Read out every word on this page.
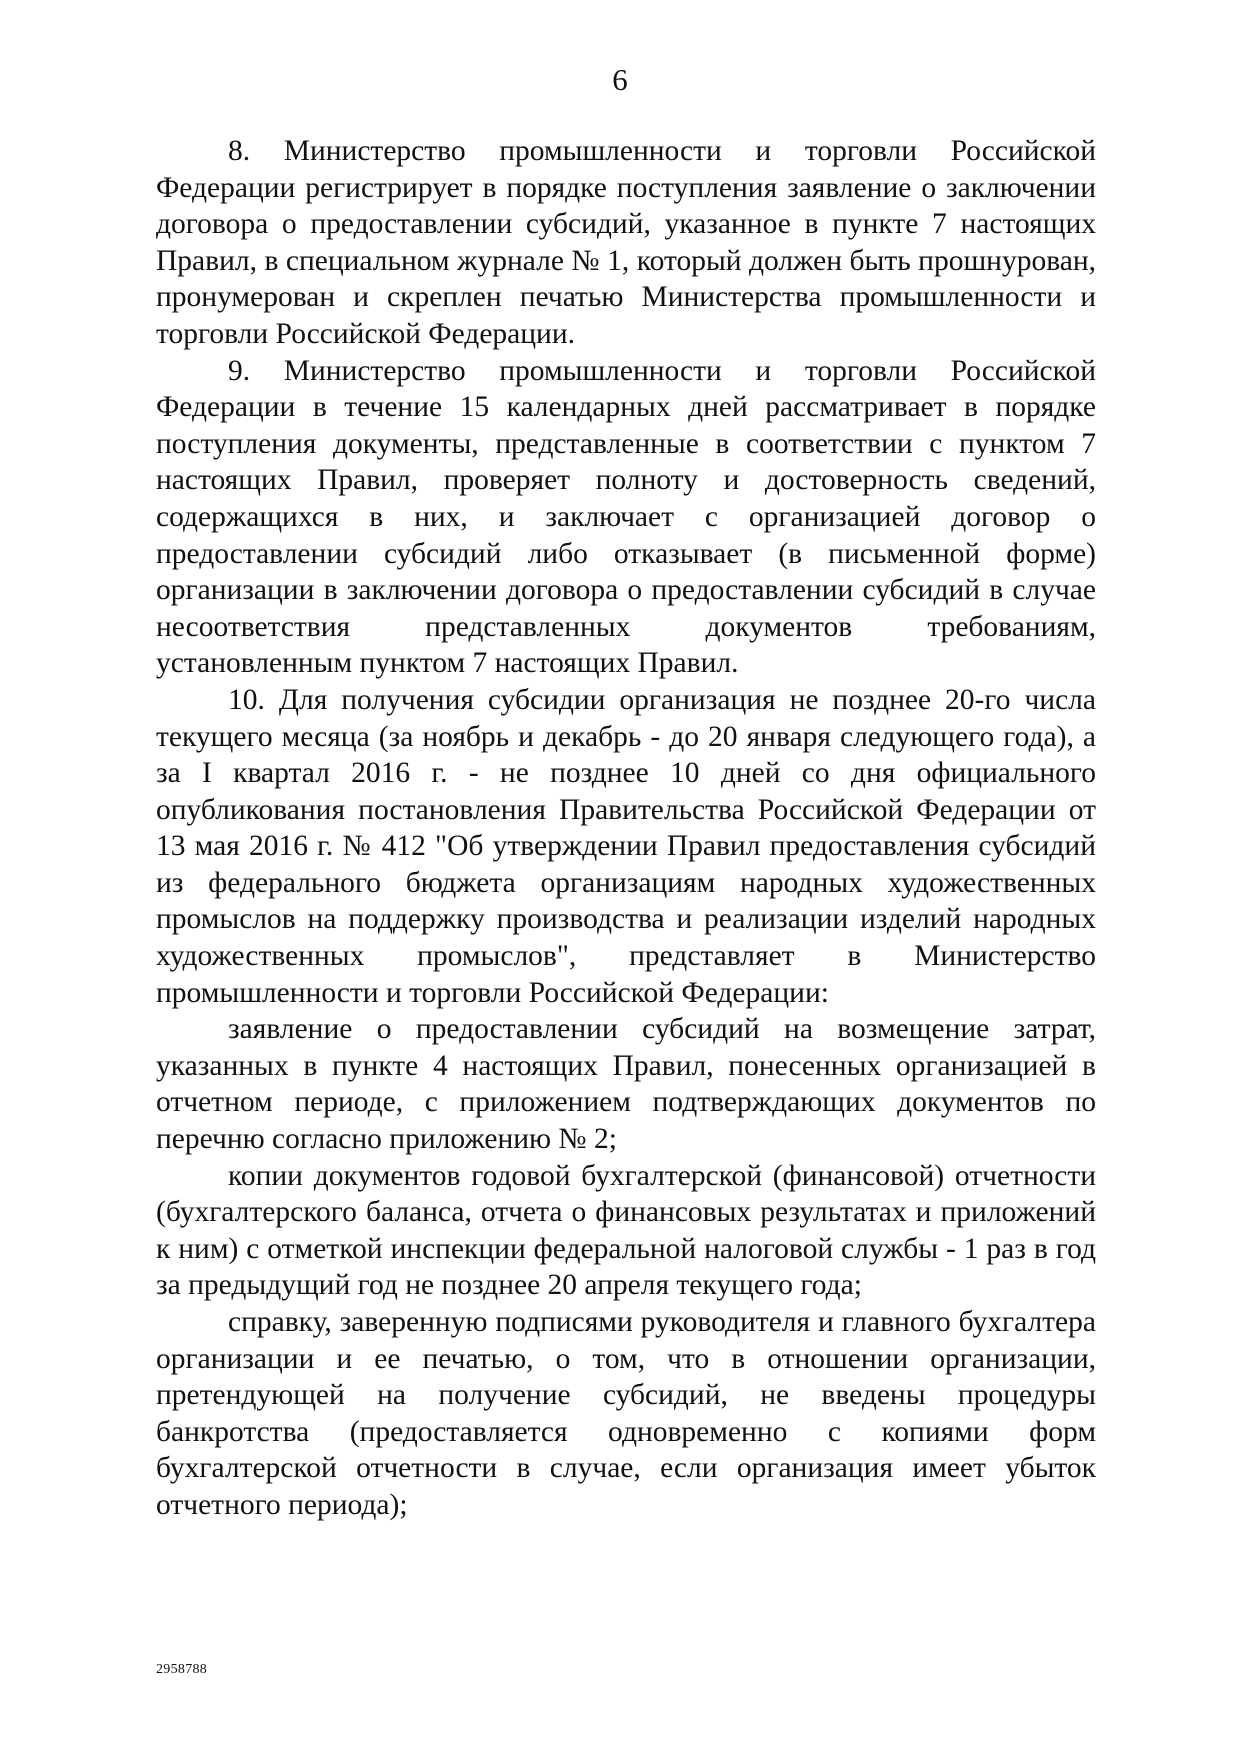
6

8. Министерство промышленности и торговли Российской Федерации регистрирует в порядке поступления заявление о заключении договора о предоставлении субсидий, указанное в пункте 7 настоящих Правил, в специальном журнале № 1, который должен быть прошнурован, пронумерован и скреплен печатью Министерства промышленности и торговли Российской Федерации.

9. Министерство промышленности и торговли Российской Федерации в течение 15 календарных дней рассматривает в порядке поступления документы, представленные в соответствии с пунктом 7 настоящих Правил, проверяет полноту и достоверность сведений, содержащихся в них, и заключает с организацией договор о предоставлении субсидий либо отказывает (в письменной форме) организации в заключении договора о предоставлении субсидий в случае несоответствия представленных документов требованиям, установленным пунктом 7 настоящих Правил.

10. Для получения субсидии организация не позднее 20-го числа текущего месяца (за ноябрь и декабрь - до 20 января следующего года), а за I квартал 2016 г. - не позднее 10 дней со дня официального опубликования постановления Правительства Российской Федерации от 13 мая 2016 г. № 412 "Об утверждении Правил предоставления субсидий из федерального бюджета организациям народных художественных промыслов на поддержку производства и реализации изделий народных художественных промыслов", представляет в Министерство промышленности и торговли Российской Федерации:

заявление о предоставлении субсидий на возмещение затрат, указанных в пункте 4 настоящих Правил, понесенных организацией в отчетном периоде, с приложением подтверждающих документов по перечню согласно приложению № 2;

копии документов годовой бухгалтерской (финансовой) отчетности (бухгалтерского баланса, отчета о финансовых результатах и приложений к ним) с отметкой инспекции федеральной налоговой службы - 1 раз в год за предыдущий год не позднее 20 апреля текущего года;

справку, заверенную подписями руководителя и главного бухгалтера организации и ее печатью, о том, что в отношении организации, претендующей на получение субсидий, не введены процедуры банкротства (предоставляется одновременно с копиями форм бухгалтерской отчетности в случае, если организация имеет убыток отчетного периода);

2958788
